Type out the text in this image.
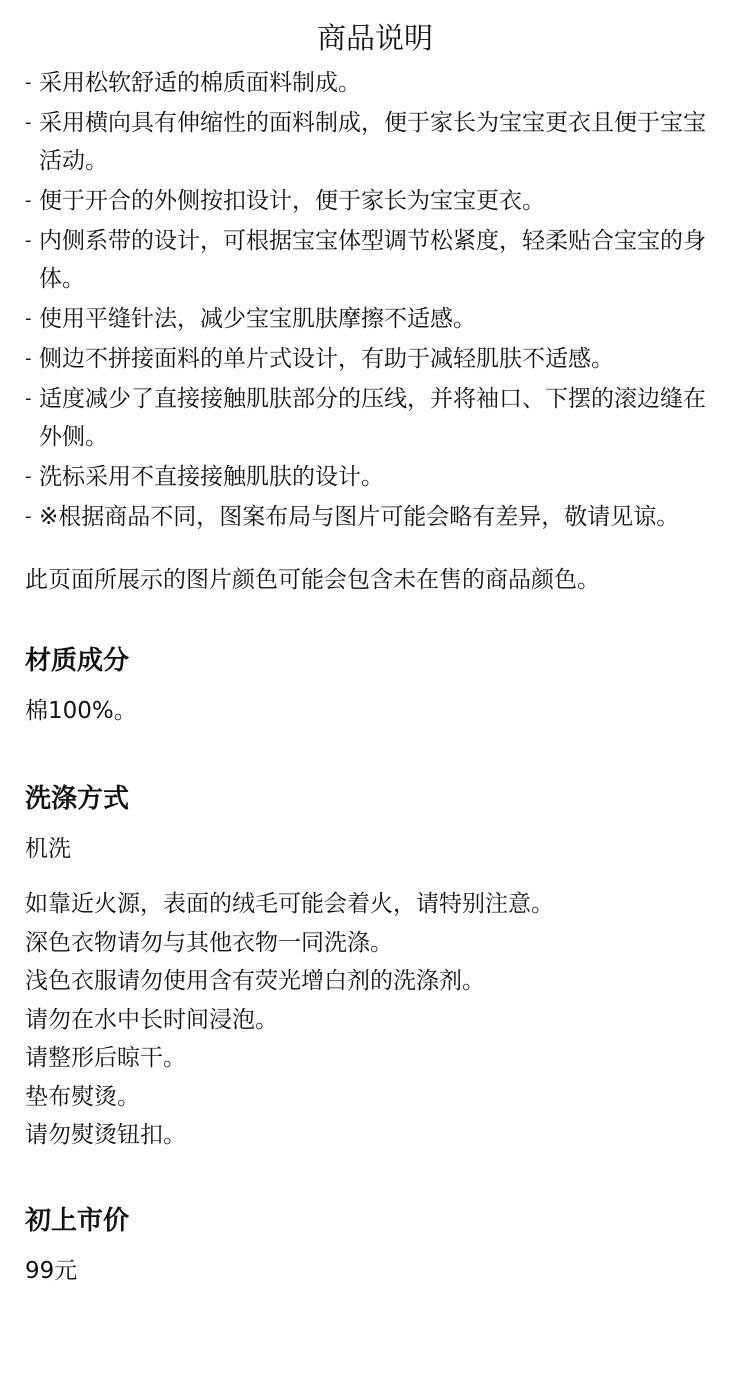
商品说明
- 采用松软舒适的棉质面料制成。
- 采用横向具有伸缩性的面料制成，便于家长为宝宝更衣且便于宝宝活动。
- 便于开合的外侧按扣设计，便于家长为宝宝更衣。
- 内侧系带的设计，可根据宝宝体型调节松紧度，轻柔贴合宝宝的身体。
- 使用平缝针法，减少宝宝肌肤摩擦不适感。
- 侧边不拼接面料的单片式设计，有助于减轻肌肤不适感。
- 适度减少了直接接触肌肤部分的压线，并将袖口、下摆的滚边缝在外侧。
- 洗标采用不直接接触肌肤的设计。
- ※根据商品不同，图案布局与图片可能会略有差异，敬请见谅。

此页面所展示的图片颜色可能会包含未在售的商品颜色。

材质成分

棉100%。

洗涤方式

机洗

如靠近火源，表面的绒毛可能会着火，请特别注意。

深色衣物请勿与其他衣物一同洗涤。

浅色衣服请勿使用含有荧光增白剂的洗涤剂。

请勿在水中长时间浸泡。

请整形后晾干。

垫布熨烫。

请勿熨烫钮扣。

初上市价

99元
